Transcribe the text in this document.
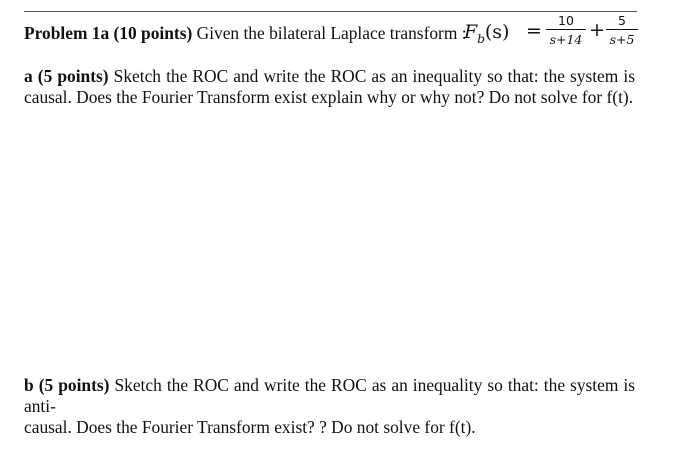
Problem 1a (10 points) Given the bilateral Laplace transform :
$F_b(s)$ =	10
s+14 +	5
s+5
a (5 points) Sketch the ROC and write the ROC as an inequality so that: the system is
causal. Does the Fourier Transform exist explain why or why not? Do not solve for f(t).
b (5 points) Sketch the ROC and write the ROC as an inequality so that: the system is anti-
causal. Does the Fourier Transform exist? ? Do not solve for f(t).
